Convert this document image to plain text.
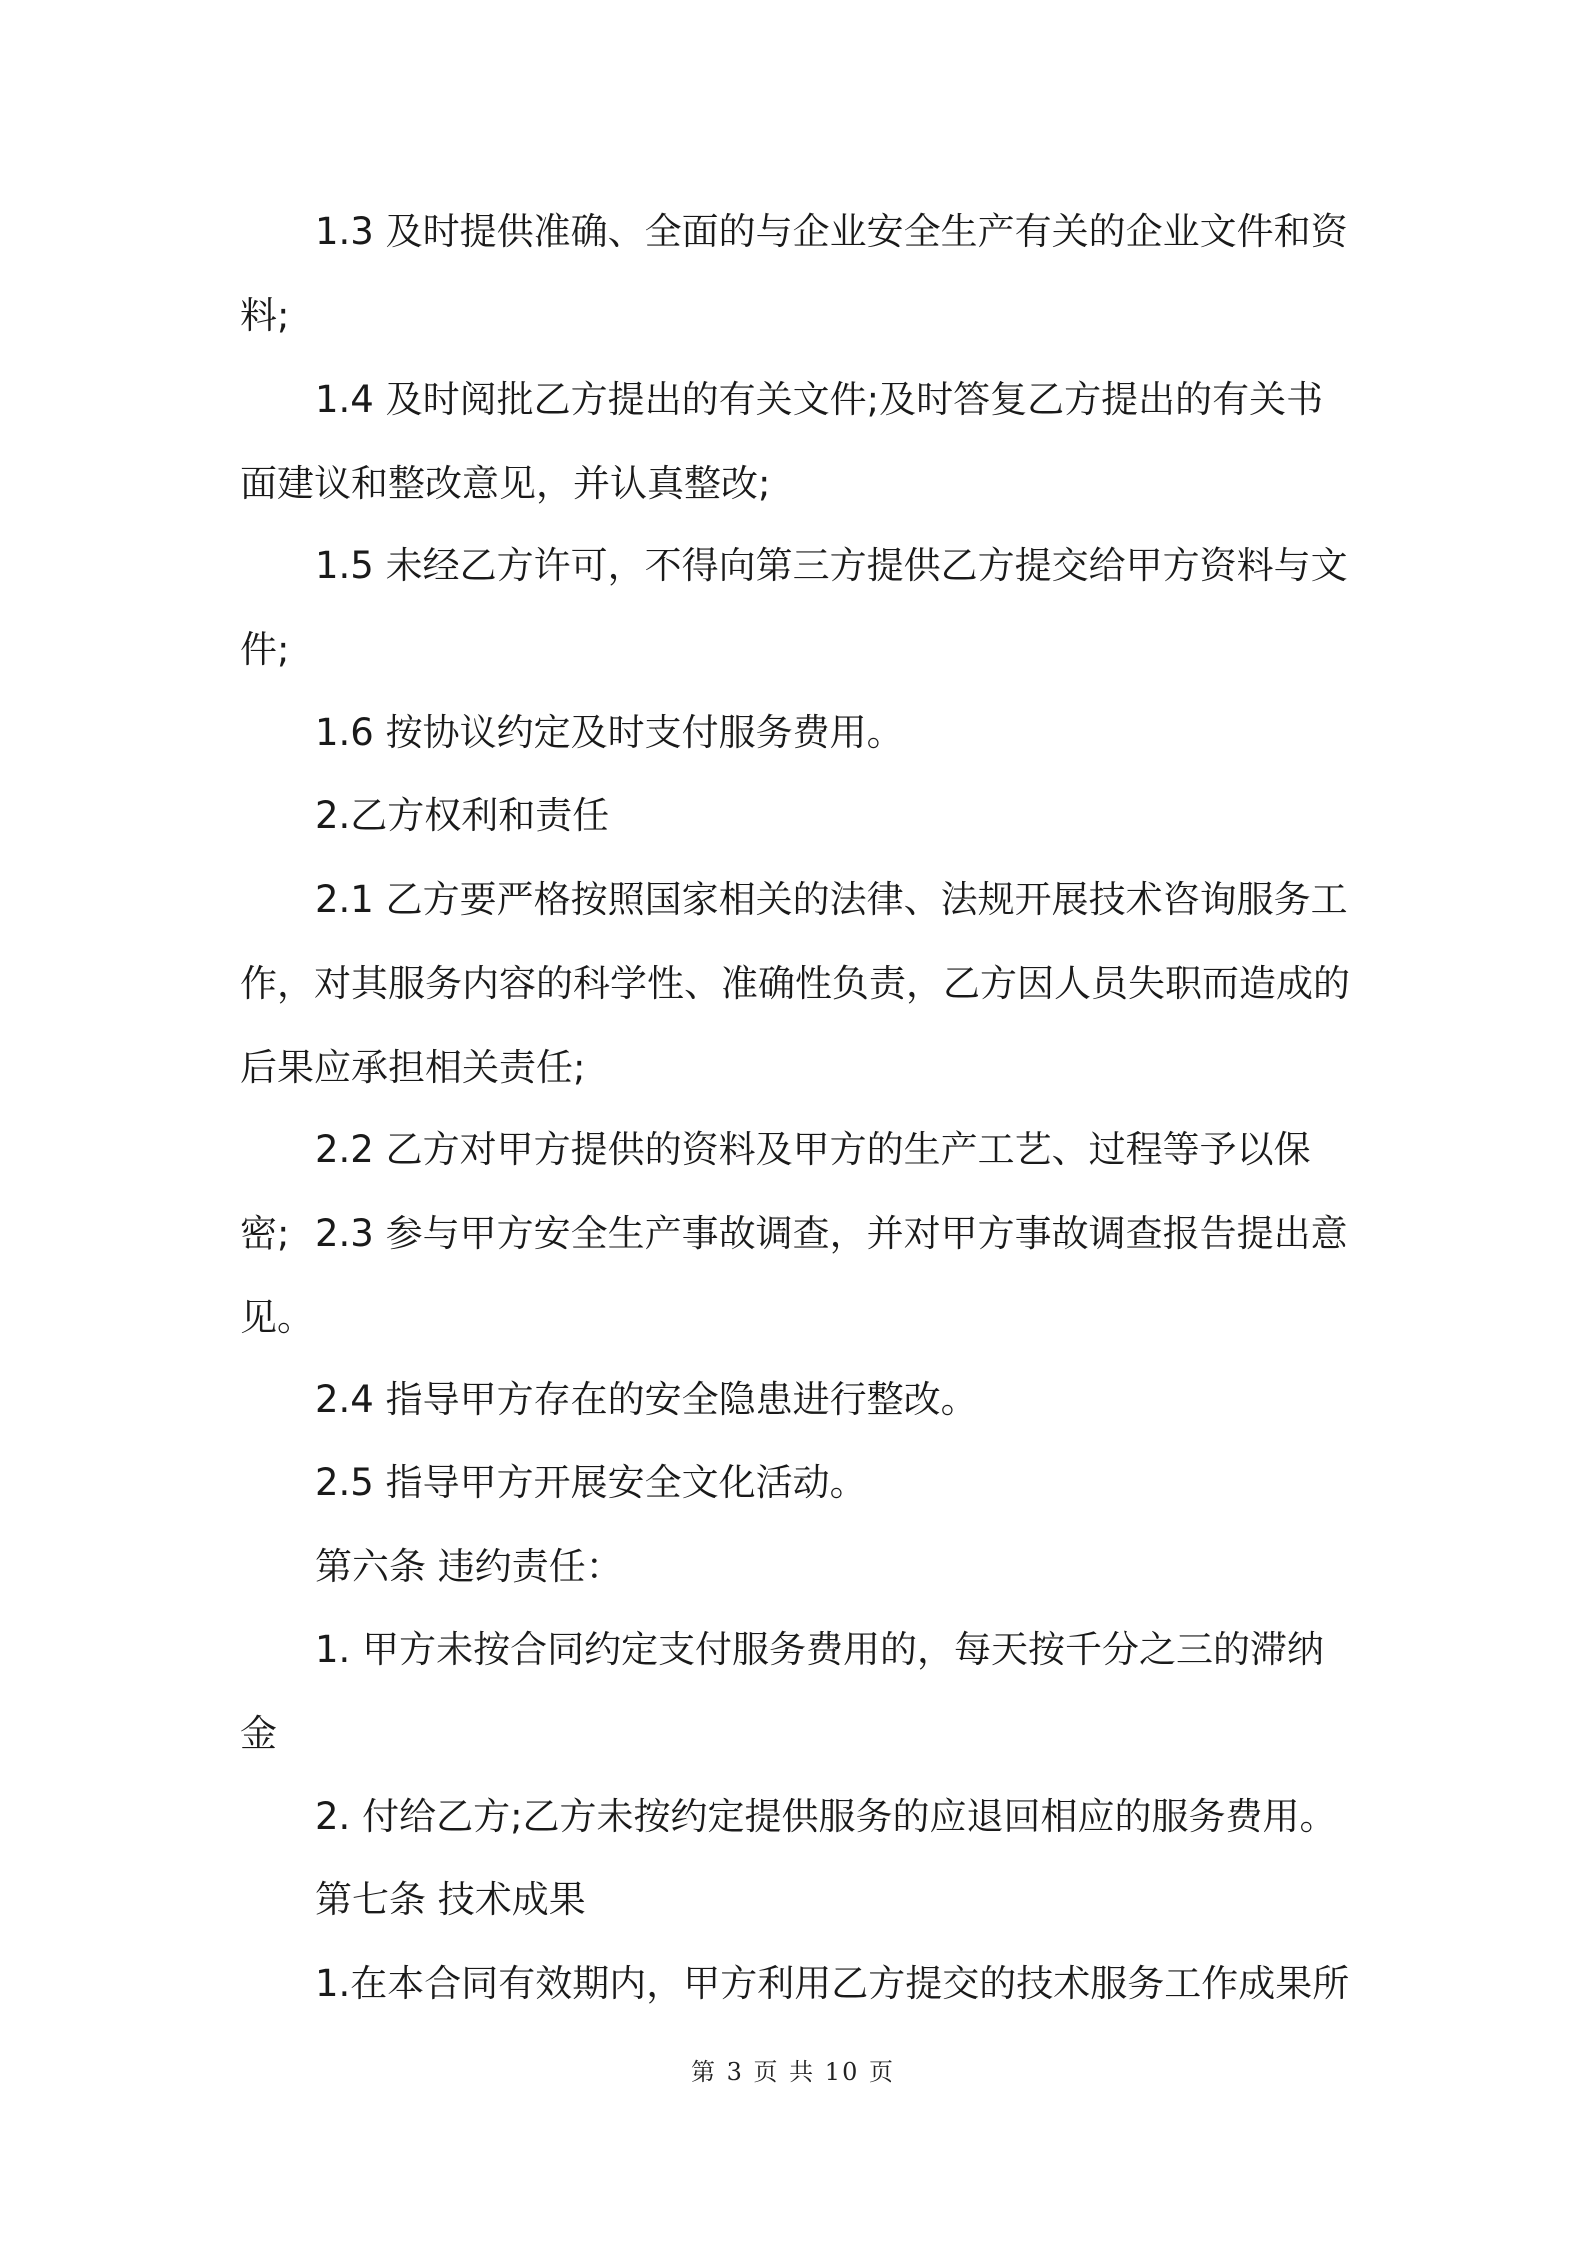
1.3 及时提供准确、全面的与企业安全生产有关的企业文件和资料;

1.4 及时阅批乙方提出的有关文件;及时答复乙方提出的有关书面建议和整改意见，并认真整改;

1.5 未经乙方许可，不得向第三方提供乙方提交给甲方资料与文件;

1.6 按协议约定及时支付服务费用。

2.乙方权利和责任

2.1 乙方要严格按照国家相关的法律、法规开展技术咨询服务工作，对其服务内容的科学性、准确性负责，乙方因人员失职而造成的后果应承担相关责任;

2.2 乙方对甲方提供的资料及甲方的生产工艺、过程等予以保密; 2.3 参与甲方安全生产事故调查，并对甲方事故调查报告提出意见。

2.4 指导甲方存在的安全隐患进行整改。

2.5 指导甲方开展安全文化活动。

第六条 违约责任：

1. 甲方未按合同约定支付服务费用的，每天按千分之三的滞纳金

2. 付给乙方;乙方未按约定提供服务的应退回相应的服务费用。

第七条 技术成果

1.在本合同有效期内，甲方利用乙方提交的技术服务工作成果所

第 3 页 共 10 页
